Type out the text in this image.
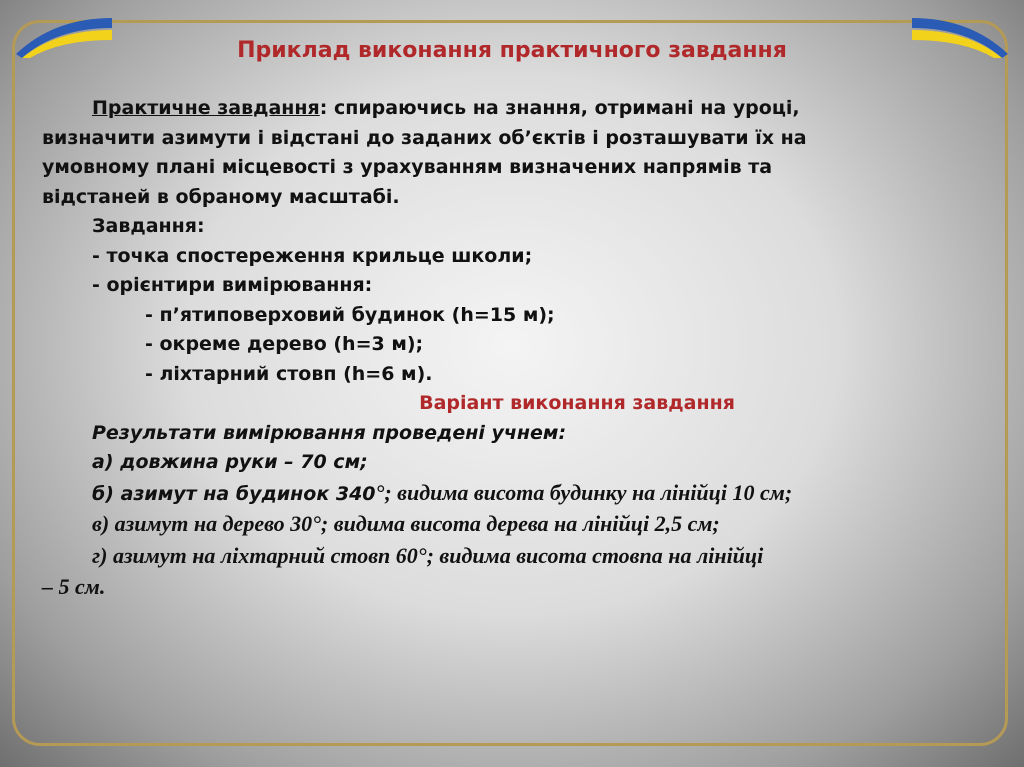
Приклад виконання практичного завдання
Практичне завдання: спираючись на знання, отримані на уроці,
визначити азимути і відстані до заданих об’єктів і розташувати їх на
умовному плані місцевості з урахуванням визначених напрямів та
відстаней в обраному масштабі.
Завдання:
- точка спостереження крильце школи;
- орієнтири вимірювання:
- п’ятиповерховий будинок (h=15 м);
- окреме дерево (h=3 м);
- ліхтарний стовп (h=6 м).
Варіант виконання завдання
Результати вимірювання проведені учнем:
а) довжина руки – 70 см;
б) азимут на будинок 340°; видима висота будинку на лінійці 10 см;
в) азимут на дерево 30°; видима висота дерева на лінійці 2,5 см;
г) азимут на ліхтарний стовп 60°; видима висота стовпа на лінійці
– 5 см.
